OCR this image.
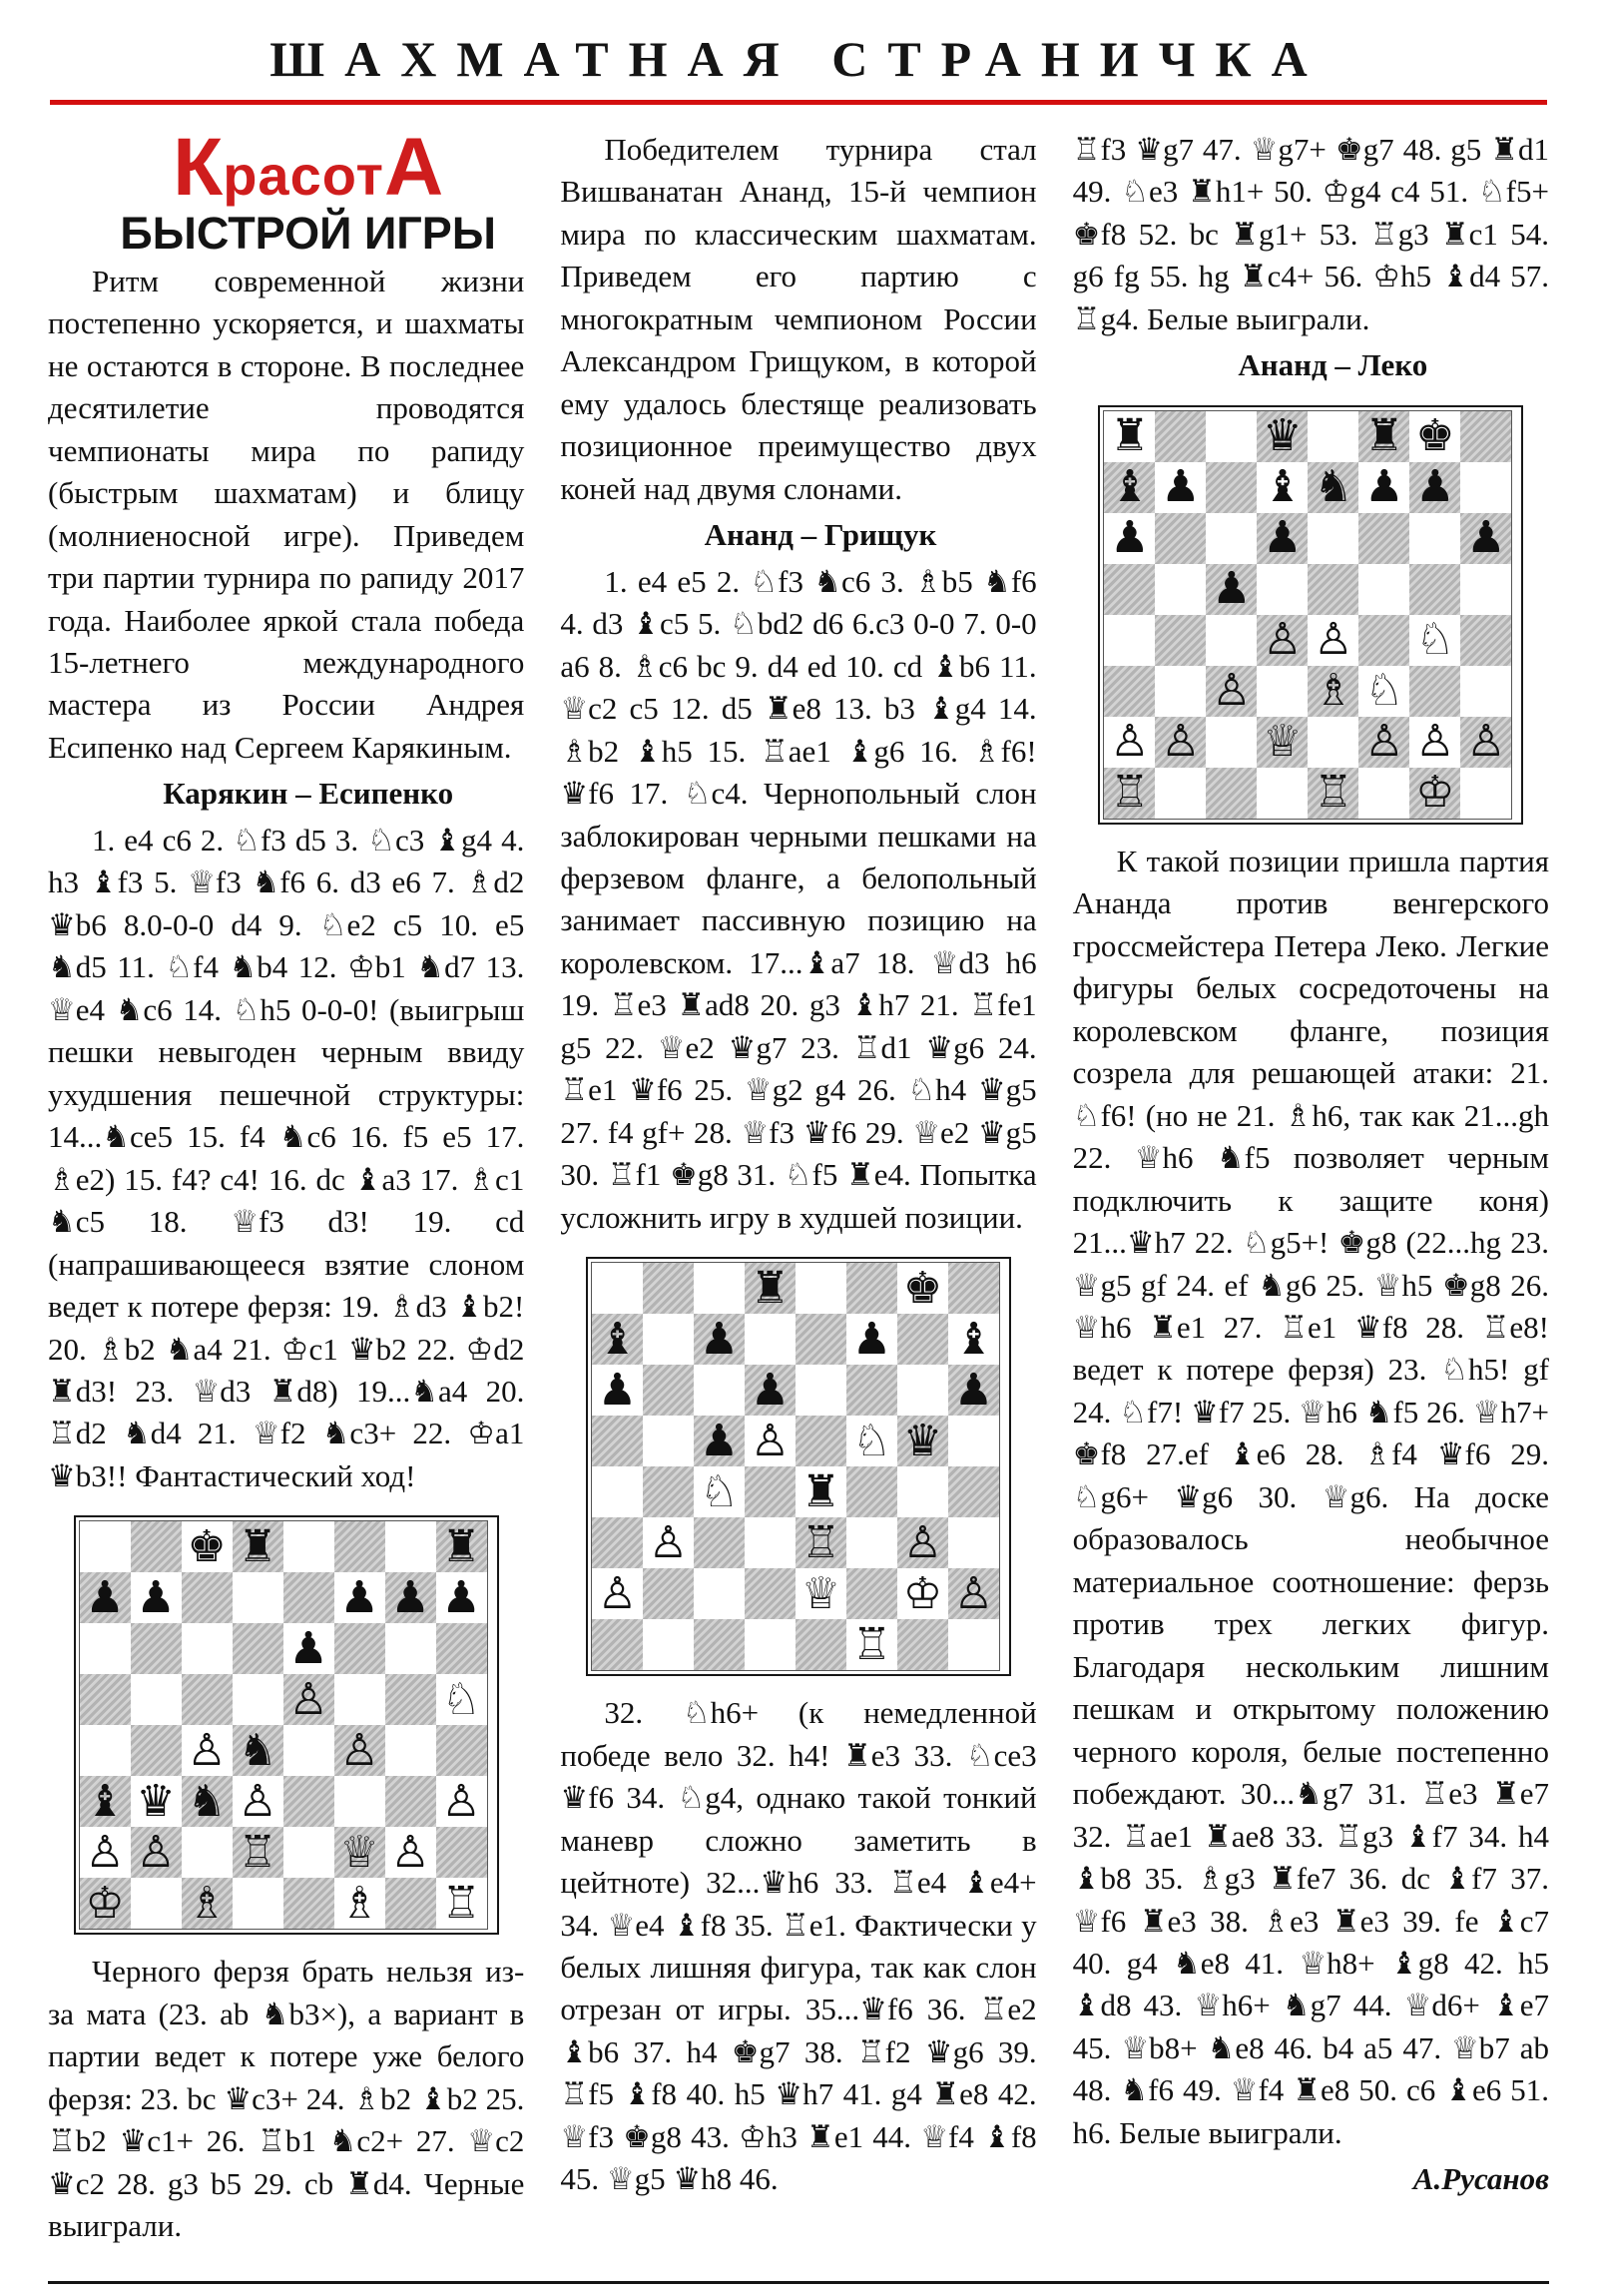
ШАХМАТНАЯ СТРАНИЧКА

КрасотА

БЫСТРОЙ ИГРЫ

Ритм современной жизни постепенно ускоряется, и шахматы не остаются в стороне. В последнее десятилетие проводятся чемпионаты мира по рапиду (быстрым шахматам) и блицу (молниеносной игре). Приведем три партии турнира по рапиду 2017 года. Наиболее яркой стала победа 15-летнего международного мастера из России Андрея Есипенко над Сергеем Карякиным.

Карякин – Есипенко

1. e4 c6 2. ♘f3 d5 3. ♘c3 ♝g4 4. h3 ♝f3 5. ♕f3 ♞f6 6. d3 e6 7. ♗d2 ♛b6 8.0-0-0 d4 9. ♘e2 c5 10. e5 ♞d5 11. ♘f4 ♞b4 12. ♔b1 ♞d7 13. ♕e4 ♞c6 14. ♘h5 0-0-0! (выигрыш пешки невыгоден черным ввиду ухудшения пешечной структуры: 14...♞ce5 15. f4 ♞c6 16. f5 e5 17. ♗e2) 15. f4? c4! 16. dc ♝a3 17. ♗c1 ♞c5 18. ♕f3 d3! 19. cd (напрашивающееся взятие слоном ведет к потере ферзя: 19. ♗d3 ♝b2! 20. ♗b2 ♞a4 21. ♔c1 ♛b2 22. ♔d2 ♜d3! 23. ♕d3 ♜d8) 19...♞a4 20. ♖d2 ♞d4 21. ♕f2 ♞c3+ 22. ♔a1 ♛b3!! Фантастический ход!

♚ ♜	♜
♟ ♟	♟ ♟ ♟
♟
♙	♘
♙ ♞ ♙
♝ ♛ ♞ ♙	♙
♙ ♙ ♖ ♕ ♙
♔ ♗	♗ ♖

Черного ферзя брать нельзя из-за мата (23. ab ♞b3×), а вариант в партии ведет к потере уже белого ферзя: 23. bc ♛c3+ 24. ♗b2 ♝b2 25. ♖b2 ♛c1+ 26. ♖b1 ♞c2+ 27. ♕c2 ♛c2 28. g3 b5 29. cb ♜d4. Черные выиграли.

Победителем турнира стал Вишванатан Ананд, 15-й чемпион мира по классическим шахматам. Приведем его партию с многократным чемпионом России Александром Грищуком, в которой ему удалось блестяще реализовать позиционное преимущество двух коней над двумя слонами.

Ананд – Грищук

1. e4 e5 2. ♘f3 ♞c6 3. ♗b5 ♞f6 4. d3 ♝c5 5. ♘bd2 d6 6.c3 0-0 7. 0-0 a6 8. ♗c6 bc 9. d4 ed 10. cd ♝b6 11. ♕c2 c5 12. d5 ♜e8 13. b3 ♝g4 14. ♗b2 ♝h5 15. ♖ae1 ♝g6 16. ♗f6! ♛f6 17. ♘c4. Чернопольный слон заблокирован черными пешками на ферзевом фланге, а белопольный занимает пассивную позицию на королевском. 17...♝a7 18. ♕d3 h6 19. ♖e3 ♜ad8 20. g3 ♝h7 21. ♖fe1 g5 22. ♕e2 ♛g7 23. ♖d1 ♛g6 24. ♖e1 ♛f6 25. ♕g2 g4 26. ♘h4 ♛g5 27. f4 gf+ 28. ♕f3 ♛f6 29. ♕e2 ♛g5 30. ♖f1 ♚g8 31. ♘f5 ♜e4. Попытка усложнить игру в худшей позиции.

♜	♚
♝ ♟	♟ ♝
♟	♟	♟
♟ ♙ ♘ ♛
♘ ♜
♙	♖ ♙
♙	♕ ♔ ♙
♖

32. ♘h6+ (к немедленной победе вело 32. h4! ♜e3 33. ♘ce3 ♛f6 34. ♘g4, однако такой тонкий маневр сложно заметить в цейтноте) 32...♛h6 33. ♖e4 ♝e4+ 34. ♕e4 ♝f8 35. ♖e1. Фактически у белых лишняя фигура, так как слон отрезан от игры. 35...♛f6 36. ♖e2 ♝b6 37. h4 ♚g7 38. ♖f2 ♛g6 39. ♖f5 ♝f8 40. h5 ♛h7 41. g4 ♜e8 42. ♕f3 ♚g8 43. ♔h3 ♜e1 44. ♕f4 ♝f8 45. ♕g5 ♛h8 46.

♖f3 ♛g7 47. ♕g7+ ♚g7 48. g5 ♜d1 49. ♘e3 ♜h1+ 50. ♔g4 c4 51. ♘f5+ ♚f8 52. bc ♜g1+ 53. ♖g3 ♜c1 54. g6 fg 55. hg ♜c4+ 56. ♔h5 ♝d4 57. ♖g4. Белые выиграли.

Ананд – Леко

♜	♛ ♜ ♚
♝ ♟ ♝ ♞ ♟ ♟
♟	♟	♟
♟
♙ ♙ ♘
♙ ♗ ♘
♙ ♙ ♕ ♙ ♙ ♙
♖	♖ ♔

К такой позиции пришла партия Ананда против венгерского гроссмейстера Петера Леко. Легкие фигуры белых сосредоточены на королевском фланге, позиция созрела для решающей атаки: 21. ♘f6! (но не 21. ♗h6, так как 21...gh 22. ♕h6 ♞f5 позволяет черным подключить к защите коня) 21...♛h7 22. ♘g5+! ♚g8 (22...hg 23. ♕g5 gf 24. ef ♞g6 25. ♕h5 ♚g8 26. ♕h6 ♜e1 27. ♖e1 ♛f8 28. ♖e8! ведет к потере ферзя) 23. ♘h5! gf 24. ♘f7! ♛f7 25. ♕h6 ♞f5 26. ♕h7+ ♚f8 27.ef ♝e6 28. ♗f4 ♛f6 29. ♘g6+ ♛g6 30. ♕g6. На доске образовалось необычное материальное соотношение: ферзь против трех легких фигур. Благодаря нескольким лишним пешкам и открытому положению черного короля, белые постепенно побеждают. 30...♞g7 31. ♖e3 ♜e7 32. ♖ae1 ♜ae8 33. ♖g3 ♝f7 34. h4 ♝b8 35. ♗g3 ♜fe7 36. dc ♝f7 37. ♕f6 ♜e3 38. ♗e3 ♜e3 39. fe ♝c7 40. g4 ♞e8 41. ♕h8+ ♝g8 42. h5 ♝d8 43. ♕h6+ ♞g7 44. ♕d6+ ♝e7 45. ♕b8+ ♞e8 46. b4 a5 47. ♕b7 ab 48. ♞f6 49. ♕f4 ♜e8 50. c6 ♝e6 51. h6. Белые выиграли.

А.Русанов
